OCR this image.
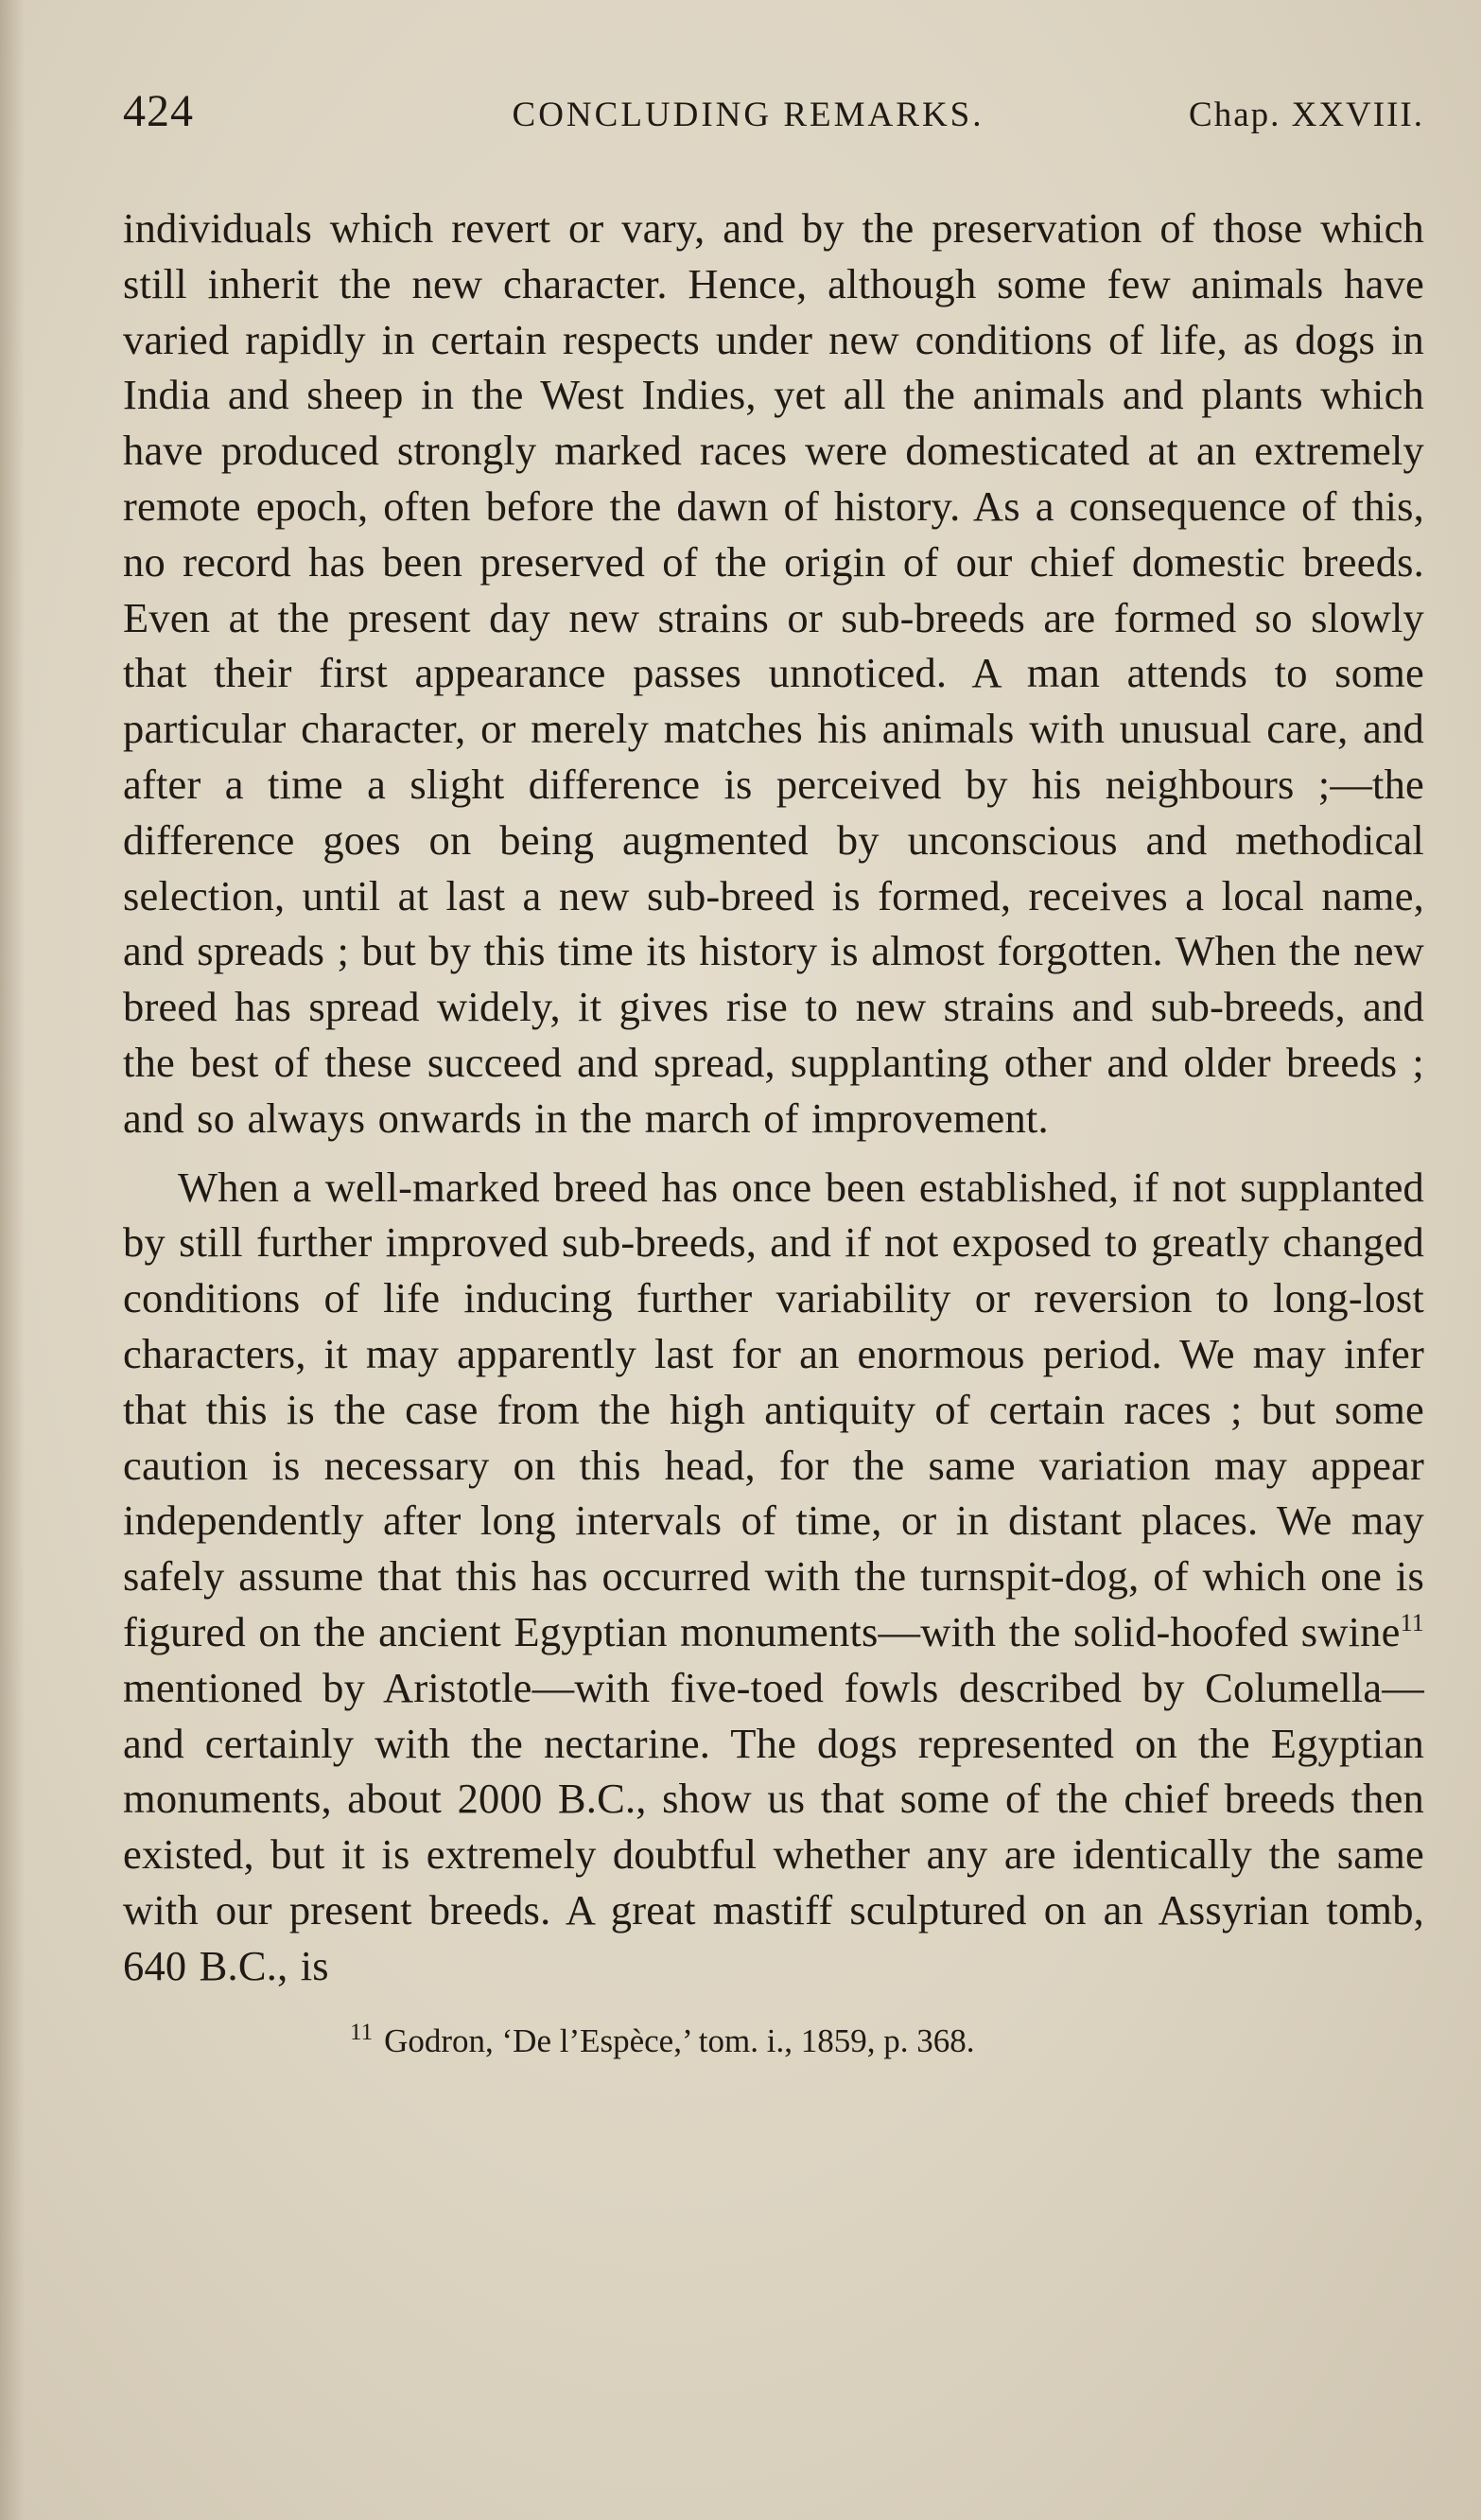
424	CONCLUDING REMARKS.	Chap. XXVIII.

individuals which revert or vary, and by the preservation of those which still inherit the new character. Hence, although some few animals have varied rapidly in certain respects under new conditions of life, as dogs in India and sheep in the West Indies, yet all the animals and plants which have produced strongly marked races were domesticated at an extremely remote epoch, often before the dawn of history. As a consequence of this, no record has been preserved of the origin of our chief domestic breeds. Even at the present day new strains or sub-breeds are formed so slowly that their first appearance passes unnoticed. A man attends to some particular character, or merely matches his animals with unusual care, and after a time a slight difference is perceived by his neighbours ;—the difference goes on being augmented by unconscious and methodical selection, until at last a new sub-breed is formed, receives a local name, and spreads ; but by this time its history is almost forgotten. When the new breed has spread widely, it gives rise to new strains and sub-breeds, and the best of these succeed and spread, supplanting other and older breeds ; and so always onwards in the march of improvement.

When a well-marked breed has once been established, if not supplanted by still further improved sub-breeds, and if not exposed to greatly changed conditions of life inducing further variability or reversion to long-lost characters, it may apparently last for an enormous period. We may infer that this is the case from the high antiquity of certain races ; but some caution is necessary on this head, for the same variation may appear independently after long intervals of time, or in distant places. We may safely assume that this has occurred with the turnspit-dog, of which one is figured on the ancient Egyptian monuments—with the solid-hoofed swine$^{11}$ mentioned by Aristotle—with five-toed fowls described by Columella—and certainly with the nectarine. The dogs represented on the Egyptian monuments, about 2000 B.C., show us that some of the chief breeds then existed, but it is extremely doubtful whether any are identically the same with our present breeds. A great mastiff sculptured on an Assyrian tomb, 640 B.C., is

$^{11}$ Godron, ‘De l’Espèce,’ tom. i., 1859, p. 368.
